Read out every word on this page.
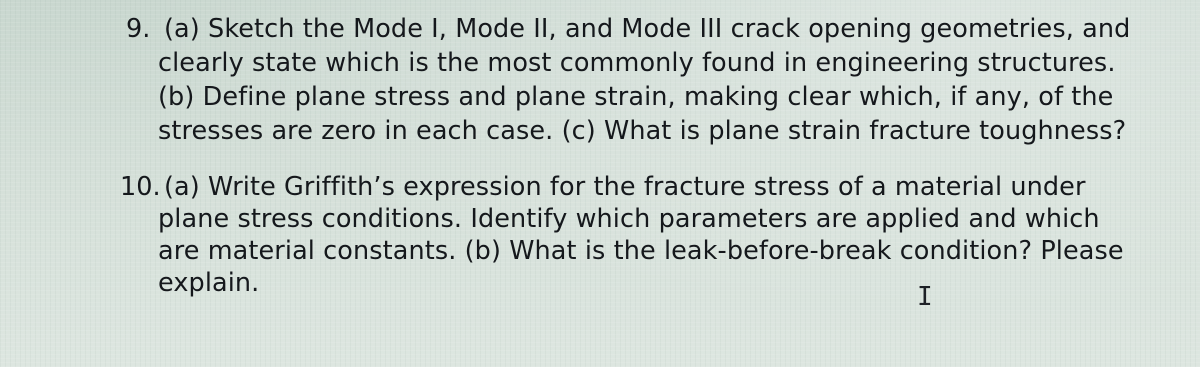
9. (a) Sketch the Mode I, Mode II, and Mode III crack opening geometries, and
clearly state which is the most commonly found in engineering structures.
(b) Define plane stress and plane strain, making clear which, if any, of the
stresses are zero in each case. (c) What is plane strain fracture toughness?
10. (a) Write Griffith’s expression for the fracture stress of a material under
plane stress conditions. Identify which parameters are applied and which
are material constants. (b) What is the leak-before-break condition? Please
explain.	I
